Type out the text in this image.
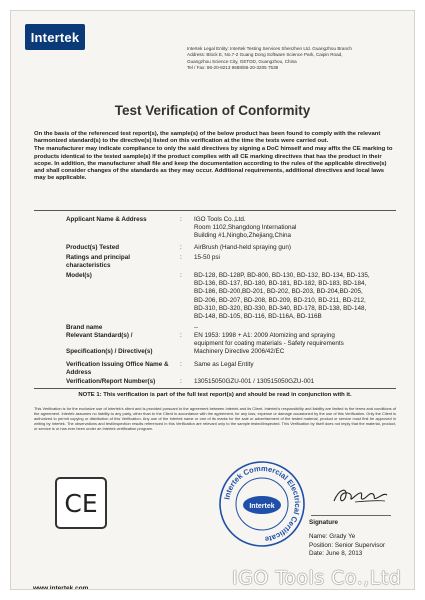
Intertek
Intertek Legal Entity: Intertek Testing Services Shenzhen Ltd. Guangzhou Branch
Address: Block E, No.7-2 Guang Dong Software Science Park, Caipin Road,
Guangzhou Science City, GETDD, Guangzhou, China
Tel / Fax: 86-20-8213 9688/86-20-3205 7538
Test Verification of Conformity

On the basis of the referenced test report(s), the sample(s) of the below product has been found to comply with the relevant harmonized standard(s) to the directive(s) listed on this verification at the time the tests were carried out.

The manufacturer may indicate compliance to only the said directives by signing a DoC himself and may affix the CE marking to products identical to the tested sample(s) if the product complies with all CE marking directives that has the product in their scope. In addition, the manufacturer shall file and keep the documentation according to the rules of the applicable directive(s) and shall consider changes of the standards as they may occur. Additional requirements, additional directives and local laws may be applicable.

Applicant Name & Address	: IGO Tools Co.,Ltd.
Room 1102,Shangdong International
Building #1,Ningbo,Zhejiang,China
Product(s) Tested	: AirBrush (Hand-held spraying gun)
Ratings and principal
characteristics
: 15-50 psi
Model(s)	: BD-128, BD-128P, BD-800, BD-130, BD-132, BD-134, BD-135,
BD-136, BD-137, BD-180, BD-181, BD-182, BD-183, BD-184,
BD-186, BD-200,BD-201, BD-202, BD-203, BD-204,BD-205,
BD-206, BD-207, BD-208, BD-209, BD-210, BD-211, BD-212,
BD-310, BD-320, BD-330, BD-340, BD-178, BD-138, BD-148,
BD-148, BD-105, BD-116, BD-116A, BD-116B
Brand name	--
Relevant Standard(s) /	: EN 1953: 1998 + A1: 2009 Atomizing and spraying
equipment for coating materials - Safety requirements
Specification(s) / Directive(s)	Machinery Directive 2006/42/EC
Verification Issuing Office Name &
Address
: Same as Legal Entity
Verification/Report Number(s)	: 130515050GZU-001 / 130515050GZU-001
NOTE 1: This verification is part of the full test report(s) and should be read in conjunction with it.
This Verification is for the exclusive use of Intertek's client and is provided pursuant to the agreement between Intertek and its Client. Intertek's responsibility and liability are limited to the terms and conditions of the agreement. Intertek assumes no liability to any party, other than to the Client in accordance with the agreement, for any loss, expense or damage occasioned by the use of this Verification. Only the Client is authorized to permit copying or distribution of this Verification. Any use of the Intertek name or one of its marks for the sale or advertisement of the tested material, product or service must first be approved in writing by Intertek. The observations and test/inspection results referenced in this Verification are relevant only to the sample tested/inspected. This Verification by itself does not imply that the material, product, or service is or has ever been under an Intertek certification program.
CE	Intertek Commercial Electrical Certificate
Intertek
Signature
Name: Grady Ye
Position: Senior Supervisor
Date: June 8, 2013
www.intertek.com	IGO Tools Co.,Ltd
